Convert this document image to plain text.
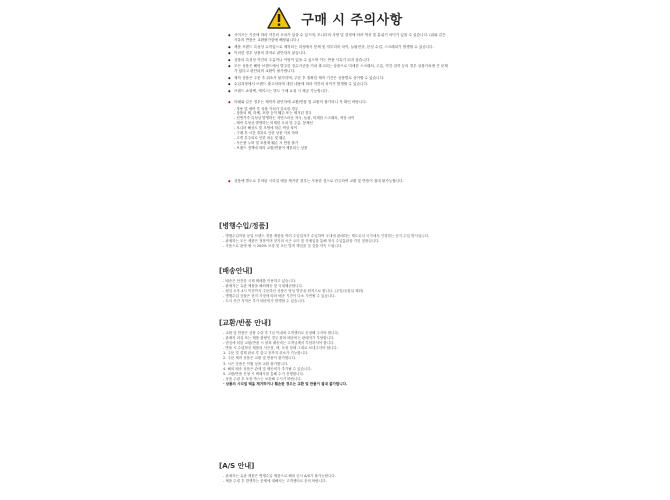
구매 시 주의사항
◆ 사이즈는 기준에 따라 약간의 오차가 있을 수 있으며, 모니터의 사양 및 설정에 따라 색상 및 분위기 차이가 있을 수 있습니다. (위와 같은 사유의 반품은 교환불가함에 해당됩니다.)
◆ 제품 브랜드 특성상 수작업으로 제작되는 과정에서 봉제 및 자투리의 차이, 늘림현상, 본딩 수업, 스크래치가 발생할 수 있습니다.
◆ 이러한 경우 상품의 하자로 판단하지 않습니다.
◆ 상품의 특징상 약간의 주름이나 이염이 있을 수 있으며 이는 반품 사유가 되지 않습니다.
◆ 모든 상품은 해당 브랜드에서 발주한 검수기준을 거쳐 출고되는 상품으로 미세한 스크래치, 주름, 약간 얼룩 등의 경우 상품가치에 큰 문제가 없다고 판단되어 교환이 불가합니다.
◆ 제작 상품은 주문 후 취소가 불가하며, 주문 후 정확한 제작 기간은 상품별로 상이할 수 있습니다.
◆ 수입과정에서 브랜드 출고처리에 대한 내용에 따라 약간의 차이가 발생할 수 있습니다.
◆ 브랜드 쇼핑백, 케이스는 별도 구매 요청 시 제공 가능합니다.
◆ 아래와 같은 경우는 제작자 판단하에 교환/반품 및 교환이 불가하니 꼭 확인 바랍니다.
- 착용 및 세탁 후 상품 가치가 감소한 경우
- 상품의 택, 라벨, 포장 등이 훼손 또는 제거된 경우
- 천연가죽 특성상 발생하는 자연스러운 자국, 늘림, 미세한 스크래치, 색상 차이
- 제작 특성상 발생하는 미세한 오차 및 주름, 봉제선
- 모니터 해상도 및 조명에 따른 색상 차이
- 구매 후 시간 경과로 인한 상품 가치 하락
- 고객 부주의로 인한 파손 및 훼손
- 사은품 누락 및 포장재 훼손 시 반품 불가
- 브랜드 정책에 따라 교환/반품이 제한되는 상품
◆ 상품에 별도로 부착된 시리얼 택을 제거한 경우는 사용한 것으로 간주하여 교환 및 반품이 절대 불가능합니다.
[병행수입/정품]
- 병행수입이란 동일 브랜드 정품 제품을 여러 수입업자가 수입하여 국내에 판매하는 제도로서 국가에서 인정하는 공식 수입 방식입니다.
- 판매하는 모든 제품은 정품이며 현지의 시즌 오더 및 직매입을 통해 정식 수입통관을 거친 정품입니다.
- 가품으로 판명 될 시 200% 보상 및 모든 법적 책임을 질 것을 약속 드립니다.
[배송안내]
- 배송은 안전한 국제 택배를 이용하고 있습니다.
- 판매자는 유관 제품을 해외배송 및 국내배송합니다.
- 평일 오후 4시 이전까지 주문하신 상품은 당일 발송을 원칙으로 합니다. (주말/공휴일 제외)
- 병행수입 상품은 현지 사정에 따라 배송 기간이 다소 지연될 수 있습니다.
- 도서 산간 지역은 추가 배송비가 발생할 수 있습니다.
[교환/반품 안내]
- 교환 및 반품은 상품 수령 후 7일 이내에 고객센터로 신청해 주셔야 합니다.
- 판매자 과실 또는 제품 불량인 경우 왕복 배송비는 판매자가 부담합니다.
- 변심에 의한 교환/반품 시 왕복 배송비는 고객님께서 부담하셔야 합니다.
- 반품 시 수령하신 제품의 사은품, 택, 포장 상태 그대로 보내주셔야 합니다.
1. 주문 및 결제 완료 후 출고 전까지 취소가 가능합니다.
2. 주문 제작 상품은 교환 및 반품이 불가합니다.
3. 시즌 상품은 이월 상품 교환 불가합니다.
4. 해외 배송 상품은 관세 및 배송비가 추가될 수 있습니다.
5. 교환/반품 신청 시 택배사를 통해 수거 진행합니다.
- 상품 수령 후 포장 박스는 보관해 주시기 바랍니다.
- 상품의 시리얼 택을 제거하거나 훼손한 경우는 교환 및 반품이 절대 불가합니다.
[A/S 안내]
- 판매자는 유관 제품은 병행수입 제품으로 해외 공식 A/S가 불가능합니다.
- 제품 수령 후 발생하는 문제에 대해서는 고객센터로 문의 바랍니다.
